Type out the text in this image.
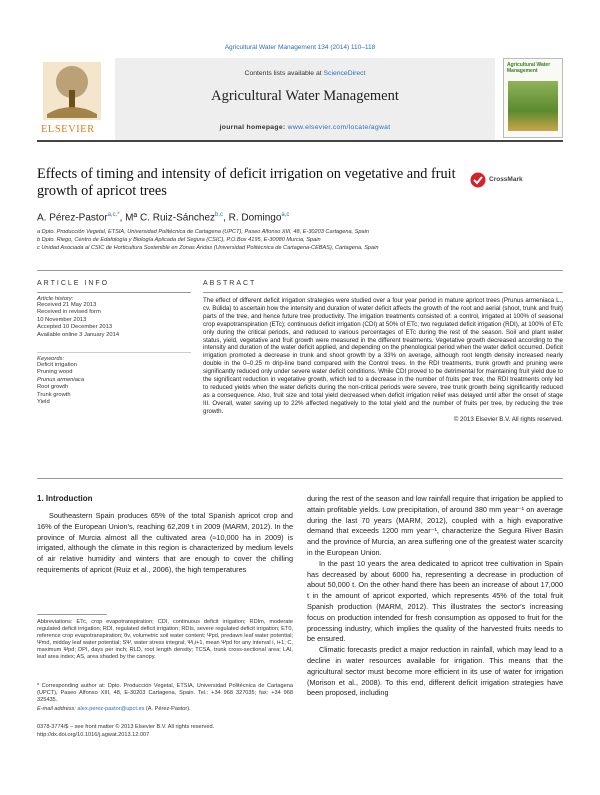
Agricultural Water Management 134 (2014) 110–118
ELSEVIER
Contents lists available at ScienceDirect
Agricultural Water Management
journal homepage: www.elsevier.com/locate/agwat
Agricultural Water Management
Effects of timing and intensity of deficit irrigation on vegetative and fruit growth of apricot trees
CrossMark
A. Pérez-Pastor$^{a,c,*}$, Mª C. Ruiz-Sánchez$^{b,c}$, R. Domingo$^{a,c}$
a Dpto. Producción Vegetal, ETSIA, Universidad Politécnica de Cartagena (UPCT), Paseo Alfonso XIII, 48, E-30203 Cartagena, Spain
b Dpto. Riego, Centro de Edafología y Biología Aplicada del Segura (CSIC), P.O.Box 4195, E-30080 Murcia, Spain
c Unidad Asociada al CSIC de Horticultura Sostenible en Zonas Áridas (Universidad Politécnica de Cartagena-CEBAS), Cartagena, Spain
ARTICLE INFO	ABSTRACT
Article history:
Received 21 May 2013
Received in revised form
10 November 2013
Accepted 10 December 2013
Available online 3 January 2014
Keywords:
Deficit irrigation
Pruning wood
Prunus armeniaca
Root growth
Trunk growth
Yield
The effect of different deficit irrigation strategies were studied over a four year period in mature apricot trees (Prunus armeniaca L., cv. Búlida) to ascertain how the intensity and duration of water deficit affects the growth of the root and aerial (shoot, trunk and fruit) parts of the tree, and hence future tree productivity. The irrigation treatments consisted of: a control, irrigated at 100% of seasonal crop evapotranspiration (ETc); continuous deficit irrigation (CDI) at 50% of ETc; two regulated deficit irrigation (RDI), at 100% of ETc only during the critical periods, and reduced to various percentages of ETc during the rest of the season. Soil and plant water status, yield, vegetative and fruit growth were measured in the different treatments. Vegetative growth decreased according to the intensity and duration of the water deficit applied, and depending on the phenological period when the water deficit occurred. Deficit irrigation promoted a decrease in trunk and shoot growth by a 33% on average, although root length density increased nearly double in the 0–0.25 m drip-line band compared with the Control trees. In the RDI treatments, trunk growth and pruning were significantly reduced only under severe water deficit conditions. While CDI proved to be detrimental for maintaining fruit yield due to the significant reduction in vegetative growth, which led to a decrease in the number of fruits per tree, the RDI treatments only led to reduced yields when the water deficits during the non-critical periods were severe, tree trunk growth being significantly reduced as a consequence. Also, fruit size and total yield decreased when deficit irrigation relief was delayed until after the onset of stage III. Overall, water saving up to 22% affected negatively to the total yield and the number of fruits per tree, by reducing the tree growth.
© 2013 Elsevier B.V. All rights reserved.
1. Introduction
Southeastern Spain produces 65% of the total Spanish apricot crop and 16% of the European Union's, reaching 62,209 t in 2009 (MARM, 2012). In the province of Murcia almost all the cultivated area (≈10,000 ha in 2009) is irrigated, although the climate in this region is characterized by medium levels of air relative humidity and winters that are enough to cover the chilling requirements of apricot (Ruiz et al., 2006), the high temperatures

during the rest of the season and low rainfall require that irrigation be applied to attain profitable yields. Low precipitation, of around 380 mm year⁻¹ on average during the last 70 years (MARM, 2012), coupled with a high evaporative demand that exceeds 1200 mm year⁻¹, characterize the Segura River Basin and the province of Murcia, an area suffering one of the greatest water scarcity in the European Union.

In the past 10 years the area dedicated to apricot tree cultivation in Spain has decreased by about 6000 ha, representing a decrease in production of about 50,000 t. On the other hand there has been an increase of about 17,000 t in the amount of apricot exported, which represents 45% of the total fruit Spanish production (MARM, 2012). This illustrates the sector's increasing focus on production intended for fresh consumption as opposed to fruit for the processing industry, which implies the quality of the harvested fruits needs to be ensured.

Climatic forecasts predict a major reduction in rainfall, which may lead to a decline in water resources available for irrigation. This means that the agricultural sector must become more efficient in its use of water for irrigation (Morison et al., 2008). To this end, different deficit irrigation strategies have been proposed, including

Abbreviations: ETc, crop evapotranspiration; CDI, continuous deficit irrigation; RDIm, moderate regulated deficit irrigation; RDI, regulated deficit irrigation; RDIs, severe regulated deficit irrigation; ET0, reference crop evapotranspiration; θv, volumetric soil water content; Ψpd, predawn leaf water potential; Ψmd, midday leaf water potential; SΨ, water stress integral; Ψi,i+1, mean Ψpd for any interval i, i+1; C, maximum Ψpd; DPI, days per inch; RLD, root length density; TCSA, trunk cross-sectional area; LAI, leaf area index; AS, area shaded by the canopy.
* Corresponding author at: Dpto. Producción Vegetal, ETSIA, Universidad Politécnica de Cartagena (UPCT), Paseo Alfonso XIII, 48, E-30203 Cartagena, Spain. Tel.: +34 968 327035; fax: +34 968 325435.
E-mail address: alex.perez-pastor@upct.es (A. Pérez-Pastor).
0378-3774/$ – see front matter © 2013 Elsevier B.V. All rights reserved.
http://dx.doi.org/10.1016/j.agwat.2013.12.007
